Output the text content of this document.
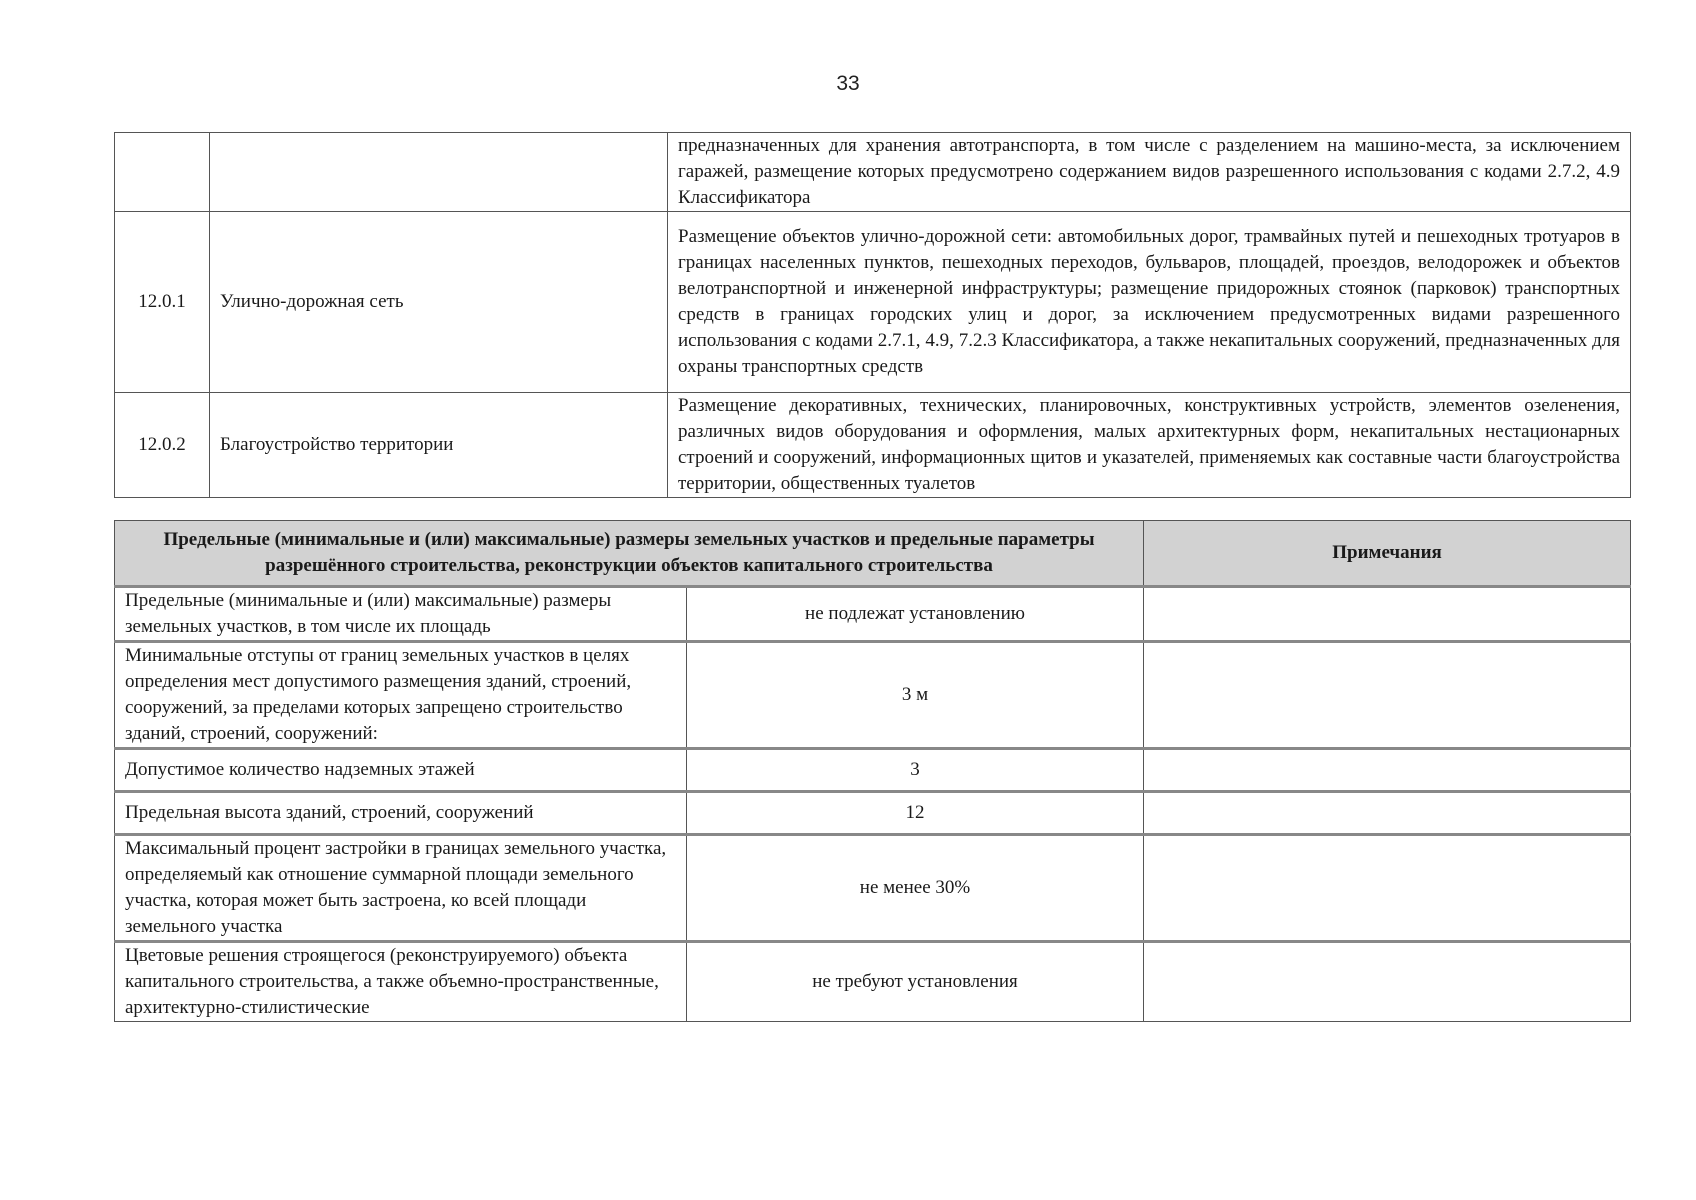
33
		предназначенных для хранения автотранспорта, в том числе с разделением на машино-места, за исключением гаражей, размещение которых предусмотрено содержанием видов разрешенного использования с кодами 2.7.2, 4.9 Классификатора
12.0.1	Улично-дорожная сеть	Размещение объектов улично-дорожной сети: автомобильных дорог, трамвайных путей и пешеходных тротуаров в границах населенных пунктов, пешеходных переходов, бульваров, площадей, проездов, велодорожек и объектов велотранспортной и инженерной инфраструктуры; размещение придорожных стоянок (парковок) транспортных средств в границах городских улиц и дорог, за исключением предусмотренных видами разрешенного использования с кодами 2.7.1, 4.9, 7.2.3 Классификатора, а также некапитальных сооружений, предназначенных для охраны транспортных средств
12.0.2	Благоустройство территории	Размещение декоративных, технических, планировочных, конструктивных устройств, элементов озеленения, различных видов оборудования и оформления, малых архитектурных форм, некапитальных нестационарных строений и сооружений, информационных щитов и указателей, применяемых как составные части благоустройства территории, общественных туалетов
Предельные (минимальные и (или) максимальные) размеры земельных участков и предельные параметры разрешённого строительства, реконструкции объектов капитального строительства		Примечания
Предельные (минимальные и (или) максимальные) размеры земельных участков, в том числе их площадь	не подлежат установлению	
Минимальные отступы от границ земельных участков в целях определения мест допустимого размещения зданий, строений, сооружений, за пределами которых запрещено строительство зданий, строений, сооружений:	3 м	
Допустимое количество надземных этажей	3	
Предельная высота зданий, строений, сооружений	12	
Максимальный процент застройки в границах земельного участка, определяемый как отношение суммарной площади земельного участка, которая может быть застроена, ко всей площади земельного участка	не менее 30%	
Цветовые решения строящегося (реконструируемого) объекта капитального строительства, а также объемно-пространственные, архитектурно-стилистические	не требуют установления	
